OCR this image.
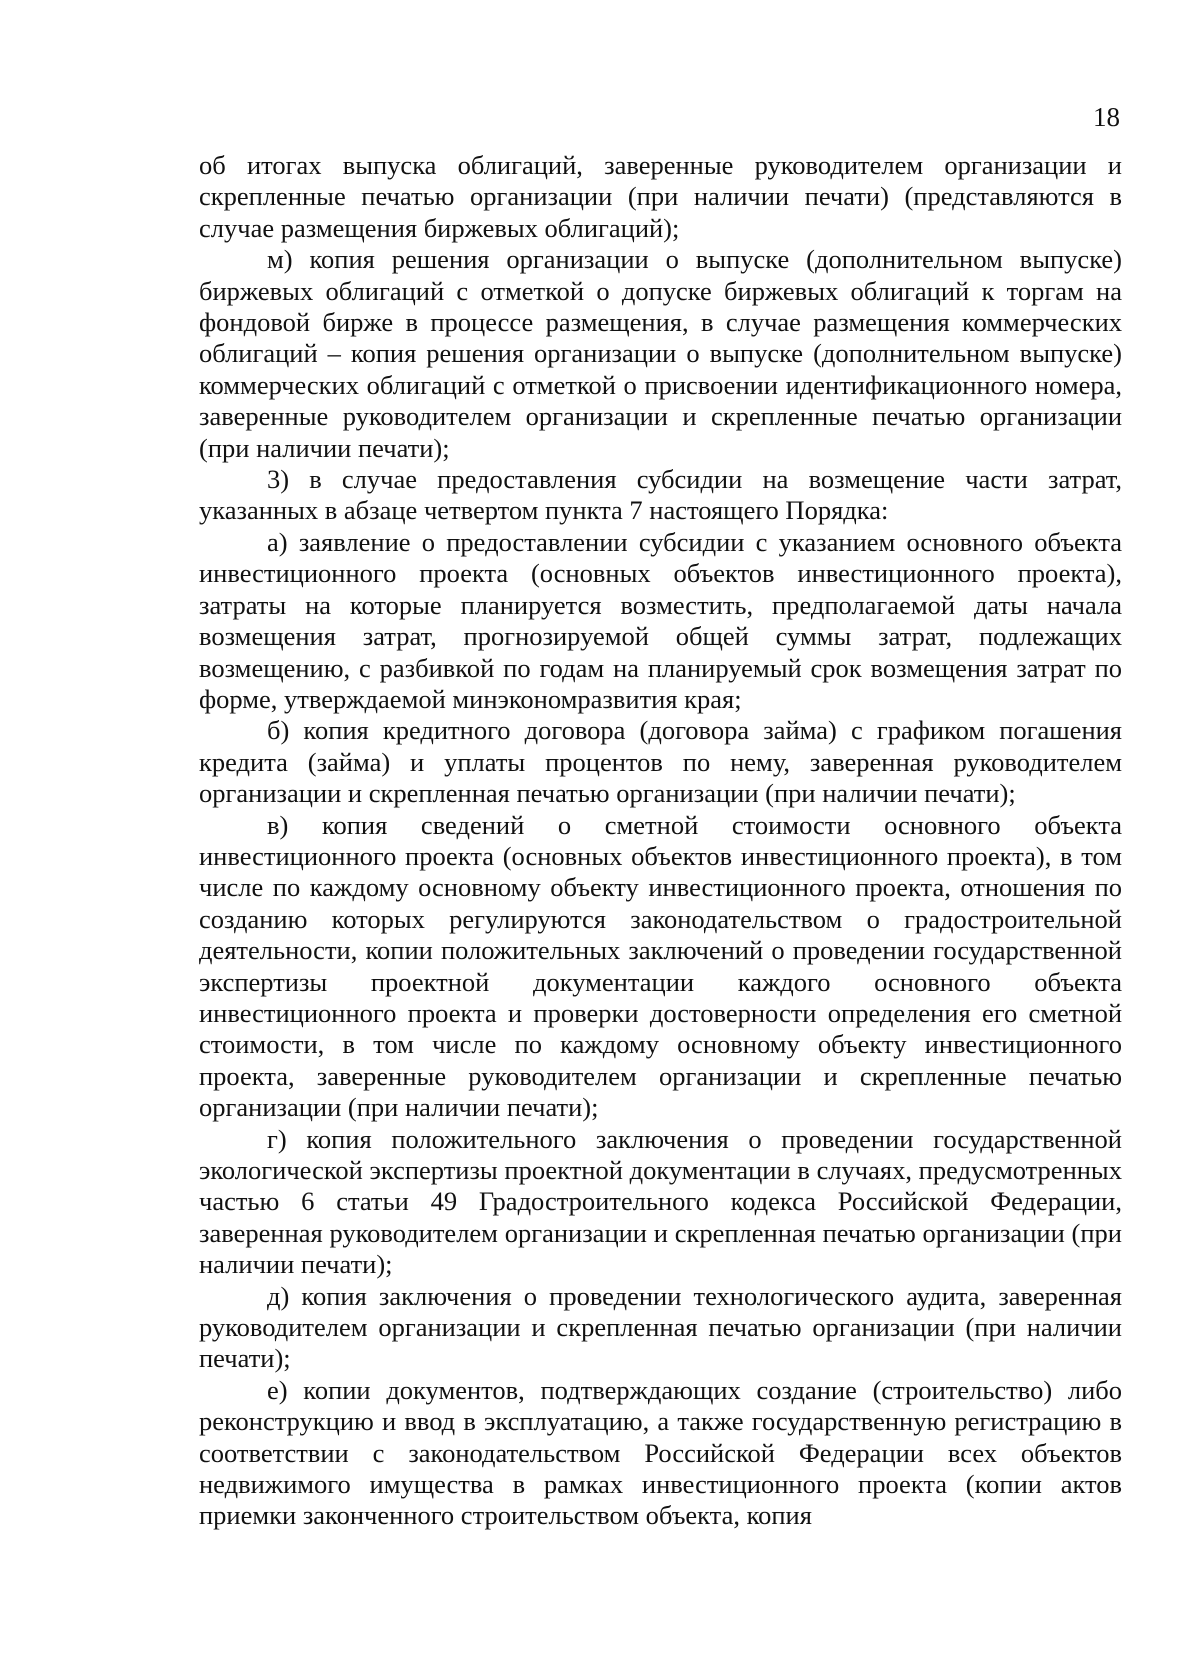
18

об итогах выпуска облигаций, заверенные руководителем организации и скрепленные печатью организации (при наличии печати) (представляются в случае размещения биржевых облигаций);

м) копия решения организации о выпуске (дополнительном выпуске) биржевых облигаций с отметкой о допуске биржевых облигаций к торгам на фондовой бирже в процессе размещения, в случае размещения коммерческих облигаций – копия решения организации о выпуске (дополнительном выпуске) коммерческих облигаций с отметкой о присвоении идентификационного номера, заверенные руководителем организации и скрепленные печатью организации (при наличии печати);

3) в случае предоставления субсидии на возмещение части затрат, указанных в абзаце четвертом пункта 7 настоящего Порядка:

а) заявление о предоставлении субсидии с указанием основного объекта инвестиционного проекта (основных объектов инвестиционного проекта), затраты на которые планируется возместить, предполагаемой даты начала возмещения затрат, прогнозируемой общей суммы затрат, подлежащих возмещению, с разбивкой по годам на планируемый срок возмещения затрат по форме, утверждаемой минэкономразвития края;

б) копия кредитного договора (договора займа) с графиком погашения кредита (займа) и уплаты процентов по нему, заверенная руководителем организации и скрепленная печатью организации (при наличии печати);

в) копия сведений о сметной стоимости основного объекта инвестиционного проекта (основных объектов инвестиционного проекта), в том числе по каждому основному объекту инвестиционного проекта, отношения по созданию которых регулируются законодательством о градостроительной деятельности, копии положительных заключений о проведении государственной экспертизы проектной документации каждого основного объекта инвестиционного проекта и проверки достоверности определения его сметной стоимости, в том числе по каждому основному объекту инвестиционного проекта, заверенные руководителем организации и скрепленные печатью организации (при наличии печати);

г) копия положительного заключения о проведении государственной экологической экспертизы проектной документации в случаях, предусмотренных частью 6 статьи 49 Градостроительного кодекса Российской Федерации, заверенная руководителем организации и скрепленная печатью организации (при наличии печати);

д) копия заключения о проведении технологического аудита, заверенная руководителем организации и скрепленная печатью организации (при наличии печати);

е) копии документов, подтверждающих создание (строительство) либо реконструкцию и ввод в эксплуатацию, а также государственную регистрацию в соответствии с законодательством Российской Федерации всех объектов недвижимого имущества в рамках инвестиционного проекта (копии актов приемки законченного строительством объекта, копия
